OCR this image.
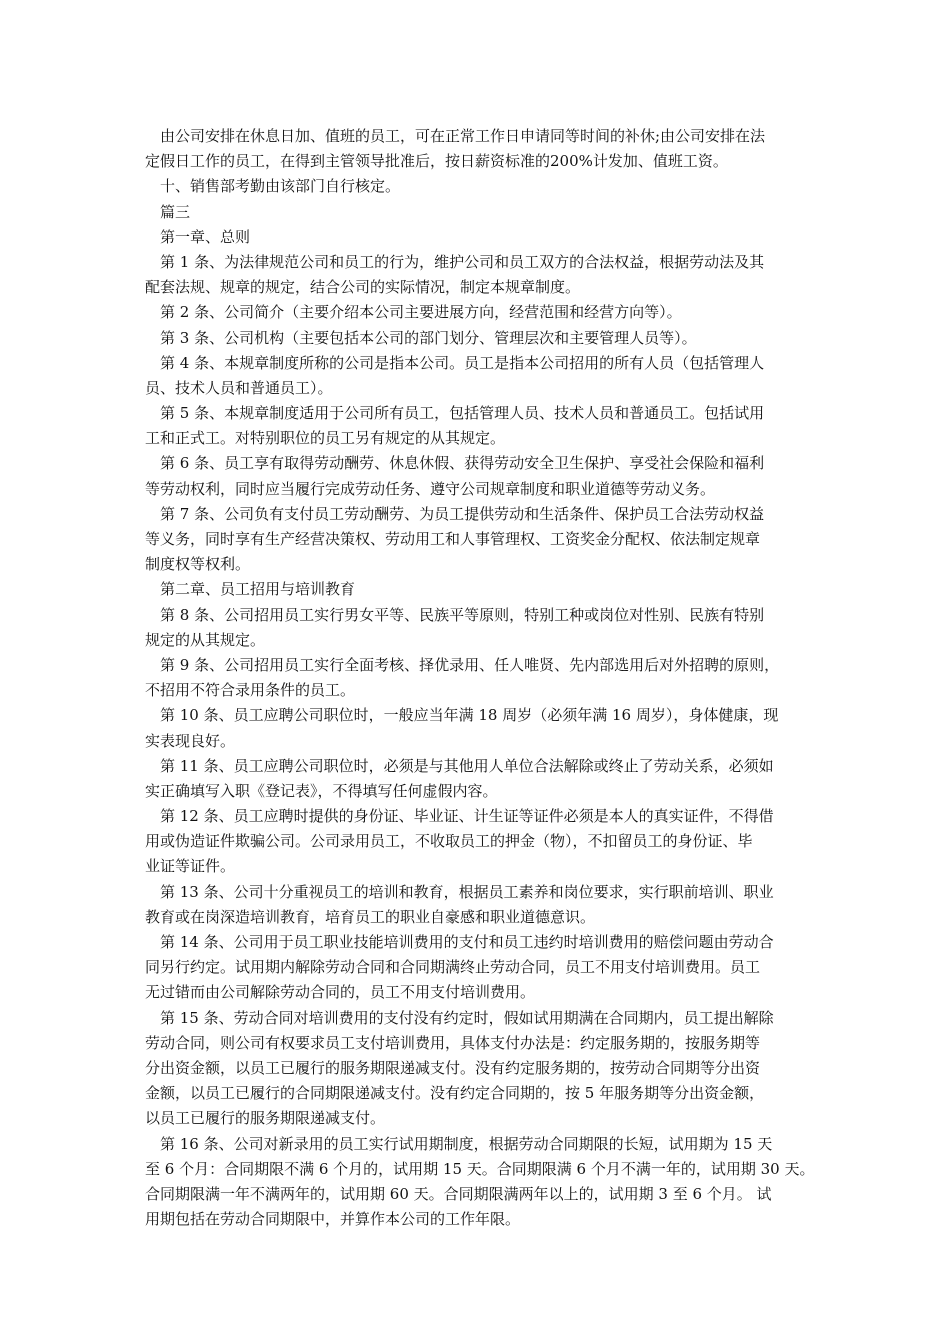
由公司安排在休息日加、值班的员工，可在正常工作日申请同等时间的补休;由公司安排在法
定假日工作的员工，在得到主管领导批准后，按日薪资标准的200%计发加、值班工资。
十、销售部考勤由该部门自行核定。
篇三
第一章、总则
第 1 条、为法律规范公司和员工的行为，维护公司和员工双方的合法权益，根据劳动法及其
配套法规、规章的规定，结合公司的实际情况，制定本规章制度。
第 2 条、公司简介（主要介绍本公司主要进展方向，经营范围和经营方向等）。
第 3 条、公司机构（主要包括本公司的部门划分、管理层次和主要管理人员等）。
第 4 条、本规章制度所称的公司是指本公司。员工是指本公司招用的所有人员（包括管理人
员、技术人员和普通员工）。
第 5 条、本规章制度适用于公司所有员工，包括管理人员、技术人员和普通员工。包括试用
工和正式工。对特别职位的员工另有规定的从其规定。
第 6 条、员工享有取得劳动酬劳、休息休假、获得劳动安全卫生保护、享受社会保险和福利
等劳动权利，同时应当履行完成劳动任务、遵守公司规章制度和职业道德等劳动义务。
第 7 条、公司负有支付员工劳动酬劳、为员工提供劳动和生活条件、保护员工合法劳动权益
等义务，同时享有生产经营决策权、劳动用工和人事管理权、工资奖金分配权、依法制定规章
制度权等权利。
第二章、员工招用与培训教育
第 8 条、公司招用员工实行男女平等、民族平等原则，特别工种或岗位对性别、民族有特别
规定的从其规定。
第 9 条、公司招用员工实行全面考核、择优录用、任人唯贤、先内部选用后对外招聘的原则，
不招用不符合录用条件的员工。
第 10 条、员工应聘公司职位时，一般应当年满 18 周岁（必须年满 16 周岁），身体健康，现
实表现良好。
第 11 条、员工应聘公司职位时，必须是与其他用人单位合法解除或终止了劳动关系，必须如
实正确填写入职《登记表》，不得填写任何虚假内容。
第 12 条、员工应聘时提供的身份证、毕业证、计生证等证件必须是本人的真实证件，不得借
用或伪造证件欺骗公司。公司录用员工，不收取员工的押金（物），不扣留员工的身份证、毕
业证等证件。
第 13 条、公司十分重视员工的培训和教育，根据员工素养和岗位要求，实行职前培训、职业
教育或在岗深造培训教育，培育员工的职业自豪感和职业道德意识。
第 14 条、公司用于员工职业技能培训费用的支付和员工违约时培训费用的赔偿问题由劳动合
同另行约定。试用期内解除劳动合同和合同期满终止劳动合同，员工不用支付培训费用。员工
无过错而由公司解除劳动合同的，员工不用支付培训费用。
第 15 条、劳动合同对培训费用的支付没有约定时，假如试用期满在合同期内，员工提出解除
劳动合同，则公司有权要求员工支付培训费用，具体支付办法是：约定服务期的，按服务期等
分出资金额，以员工已履行的服务期限递减支付。没有约定服务期的，按劳动合同期等分出资
金额，以员工已履行的合同期限递减支付。没有约定合同期的，按 5 年服务期等分出资金额，
以员工已履行的服务期限递减支付。
第 16 条、公司对新录用的员工实行试用期制度，根据劳动合同期限的长短，试用期为 15 天
至 6 个月：合同期限不满 6 个月的，试用期 15 天。合同期限满 6 个月不满一年的，试用期 30 天。
合同期限满一年不满两年的，试用期 60 天。合同期限满两年以上的，试用期 3 至 6 个月。 试
用期包括在劳动合同期限中，并算作本公司的工作年限。
